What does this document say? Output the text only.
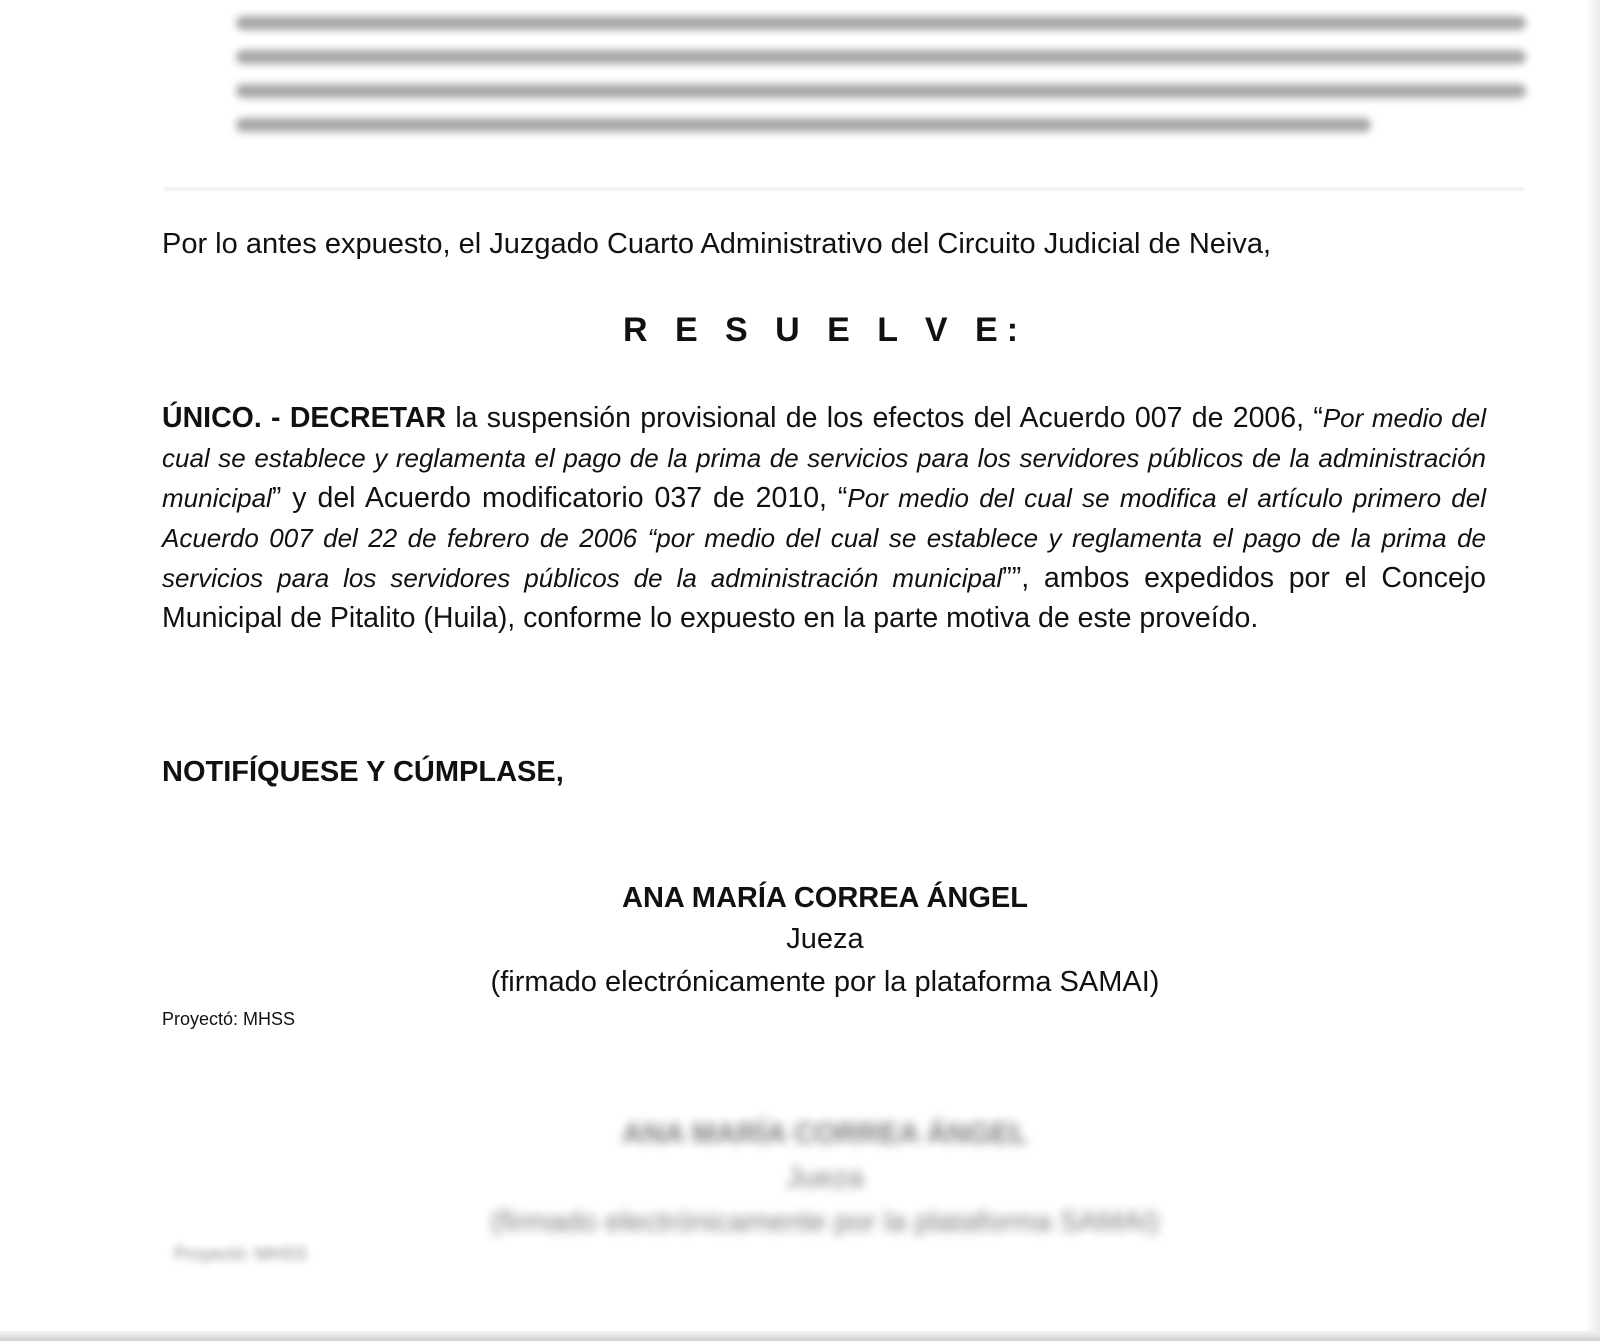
Por lo antes expuesto, el Juzgado Cuarto Administrativo del Circuito Judicial de Neiva,
R E S U E L V E:
ÚNICO. - DECRETAR la suspensión provisional de los efectos del Acuerdo 007 de 2006, “Por medio del cual se establece y reglamenta el pago de la prima de servicios para los servidores públicos de la administración municipal” y del Acuerdo modificatorio 037 de 2010, “Por medio del cual se modifica el artículo primero del Acuerdo 007 del 22 de febrero de 2006 “por medio del cual se establece y reglamenta el pago de la prima de servicios para los servidores públicos de la administración municipal””, ambos expedidos por el Concejo Municipal de Pitalito (Huila), conforme lo expuesto en la parte motiva de este proveído.
NOTIFÍQUESE Y CÚMPLASE,
ANA MARÍA CORREA ÁNGEL
Jueza
(firmado electrónicamente por la plataforma SAMAI)
Proyectó: MHSS
ANA MARÍA CORREA ÁNGEL
Jueza
(firmado electrónicamente por la plataforma SAMAI)
Proyectó: MHSS
